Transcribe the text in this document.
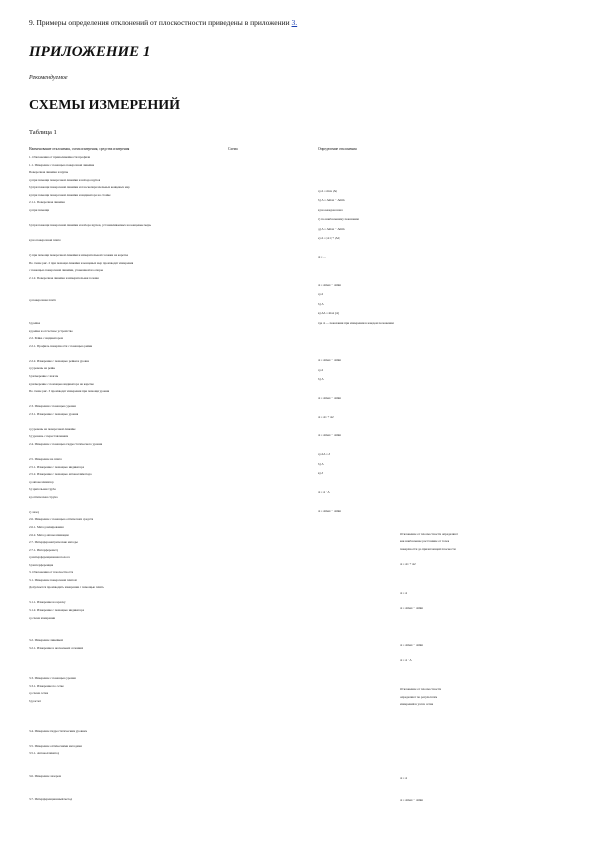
9. Примеры определения отклонений от плоскостности приведены в приложении 3.
ПРИЛОЖЕНИЕ 1
Рекомендуемое
СХЕМЫ ИЗМЕРЕНИЙ
Таблица 1
Наименование отклонения, схема измерения, средства измерения	Схема	Определение отклонения
1. Отклонения от прямолинейности профиля
1.1. Измерение с помощью поверочной линейки
Поверочная линейка и щупы
а) при помощи поверочной линейки и набора щупов
б) при помощи поверочной линейки и плоскопараллельных концевых мер
в) при помощи поверочной линейки и индикатора на стойке
2.1.1. Поверочная линейка
а) при помощи
б) при помощи поверочной линейки и набора щупов, устанавливаемых на концевые меры
в) на поверочной плите
г) при помощи поверочной линейки и измерительной головки на каретке
По схеме рис. 2 при помощи линейки и концевых мер производят измерения
с помощью поверочной линейки, уложенной на опоры
2.1.2. Поверочная линейка и измерительная головка
а) поверочная плита
б) рейка
в) рейка и отсчетное устройство
2.2. Рейка с индикатором
2.2.1. Профиль поверхности с помощью рейки
2.2.2. Измерение с помощью рейки и уровня
а) уровень на рейке
б) измерение с шагом
в) измерение с помощью индикатора на каретке
По схеме рис. 3 производят измерения при помощи уровня
2.3. Измерения с помощью уровня
2.3.1. Измерение с помощью уровня
а) уровень на поверочной линейке
б) уровень с переставлением
2.4. Измерение с помощью гидростатического уровня
2.5. Измерение на плите
2.5.1. Измерение с помощью индикатора
2.5.2. Измерение с помощью автоколлиматора
а) автоколлиматор
б) зрительная труба
в) оптическая струна
г) лазер
2.6. Измерение с помощью оптических средств
2.6.1. Метод визирования
2.6.2. Метод автоколлимации
2.7. Интерферометрические методы
2.7.1. Интерферометр
а) интерференционная полоса
б) интерференция
3. Отклонения от плоскостности
3.1. Измерение поверочной плитой
Допускается производить измерения с помощью плиты
3.1.1. Измерение на краску
3.1.2. Измерение с помощью индикатора
а) схема измерения
3.2. Измерение линейкой
3.2.1. Измерение в нескольких сечениях
3.3. Измерение с помощью уровня
3.3.1. Измерение по сетке
а) схема сетки
б) расчет
3.4. Измерение гидростатическим уровнем
3.5. Измерение оптическими методами
3.5.1. Автоколлиматор
3.6. Измерение лазером
3.7. Интерференционный метод
а) Δ = max |Δi|
б) Δ = Δmax − Δmin
в) на каждом шаге
г) по наибольшему показанию
д) Δ = Δmax − Δmin
е) Δ = |Δ1| + |Δ2|
Δ = ...
Δ = Δmax − Δmin
а) Δ
б) Δ
в) ΔΔ = max (Δ)
где Δ — показания при измерении в каждом положении
Δ = Δmax − Δmin
а) Δ
б) Δ
Δ = Δmax − Δmin
Δ = Δ1 + Δ2
Δ = Δmax − Δmin
а) ΔΔ = Δ
б) Δ
в) Δ
Δ = Δ · Δ
Δ = Δmax − Δmin
Отклонение от плоскостности определяют
как наибольшее расстояние от точек
поверхности до прилегающей плоскости
Δ = Δ1 + Δ2
Δ = Δ
Δ = Δmax − Δmin
Δ = Δmax − Δmin
Δ = Δ · Δ
Отклонение от плоскостности
определяют по результатам
измерений в узлах сетки
Δ = Δ
Δ = Δmax − Δmin
